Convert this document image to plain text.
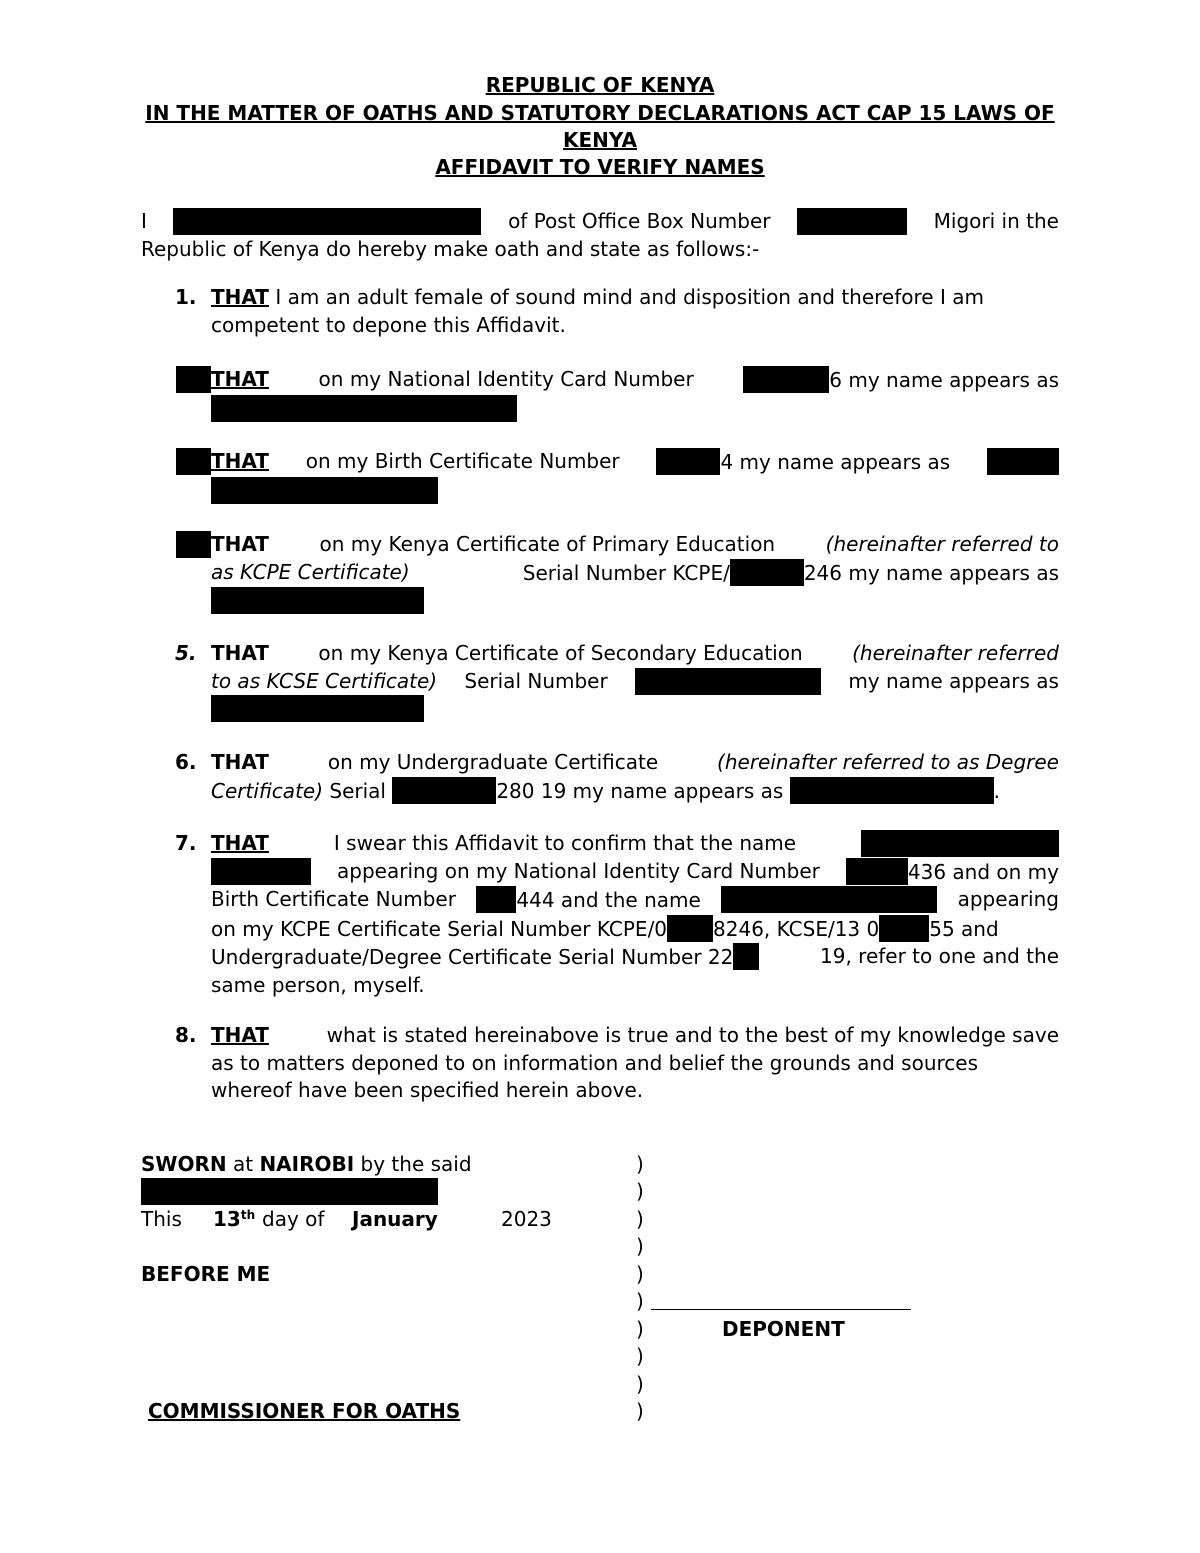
REPUBLIC OF KENYA
IN THE MATTER OF OATHS AND STATUTORY DECLARATIONS ACT CAP 15 LAWS OF
KENYA
AFFIDAVIT TO VERIFY NAMES
I	of Post Office Box Number	Migori in the
Republic of Kenya do hereby make oath and state as follows:-
1. THAT I am an adult female of sound mind and disposition and therefore I am
competent to depone this Affidavit.
THAT on my National Identity Card Number	6 my name appears as
THAT on my Birth Certificate Number	4 my name appears as
THAT	on my Kenya Certificate of Primary Education	(hereinafter referred to
as KCPE Certificate)	Serial Number KCPE/	246 my name appears as
5. THAT on my Kenya Certificate of Secondary Education (hereinafter referred
to as KCSE Certificate) Serial Number	my name appears as
6. THAT	on my Undergraduate Certificate	(hereinafter referred to as Degree
Certificate) Serial	280 19 my name appears as	.
7. THAT	I swear this Affidavit to confirm that the name
appearing on my National Identity Card Number	436 and on my
Birth Certificate Number	444 and the name	appearing
on my KCPE Certificate Serial Number KCPE/0 8246, KCSE/13 0	55 and
Undergraduate/Degree Certificate Serial Number 22	19, refer to one and the
same person, myself.
8. THAT	what is stated hereinabove is true and to the best of my knowledge save
as to matters deponed to on information and belief the grounds and sources
whereof have been specified herein above.
SWORN at NAIROBI by the said
This 13th day of January	2023
BEFORE ME
)
)
)
)
)
)
)
)
)
)
DEPONENT
COMMISSIONER FOR OATHS
